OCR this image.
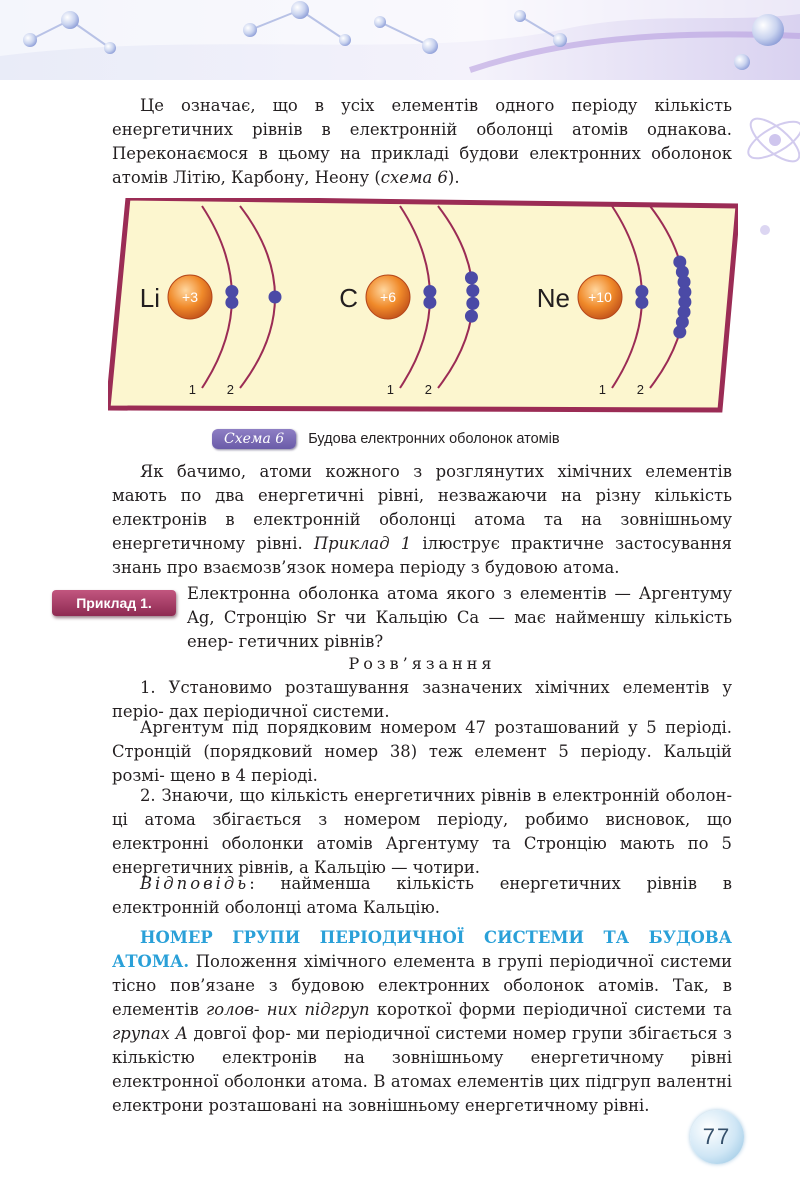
Це означає, що в усіх елементів одного періоду кількість енергетичних рівнів в електронній оболонці атомів однакова. Переконаємося в цьому на прикладі будови електронних оболонок атомів Літію, Карбону, Неону (схема 6).

Li +3
1 2
C +6
1 2
Ne +10
1 2
Схема 6	Будова електронних оболонок атомів

Як бачимо, атоми кожного з розглянутих хімічних елементів мають по два енергетичні рівні, незважаючи на різну кількість електронів в електронній оболонці атома та на зовнішньому енергетичному рівні. Приклад 1 ілюструє практичне застосування знань про взаємозв’язок номера періоду з будовою атома.

Приклад 1.	Електронна оболонка атома якого з елементів — Аргентуму Ag, Стронцію Sr чи Кальцію Ca — має найменшу кількість енер- гетичних рівнів?

Розв’язання

1. Установимо розташування зазначених хімічних елементів у періо- дах періодичної системи.

Аргентум під порядковим номером 47 розташований у 5 періоді. Стронцій (порядковий номер 38) теж елемент 5 періоду. Кальцій розмі- щено в 4 періоді.

2. Знаючи, що кількість енергетичних рівнів в електронній оболон- ці атома збігається з номером періоду, робимо висновок, що електронні оболонки атомів Аргентуму та Стронцію мають по 5 енергетичних рівнів, а Кальцію — чотири.

Відповідь: найменша кількість енергетичних рівнів в електронній оболонці атома Кальцію.

НОМЕР ГРУПИ ПЕРІОДИЧНОЇ СИСТЕМИ ТА БУДОВА АТОМА. Положення хімічного елемента в групі періодичної системи тісно пов’язане з будовою електронних оболонок атомів. Так, в елементів голов- них підгруп короткої форми періодичної системи та групах А довгої фор- ми періодичної системи номер групи збігається з кількістю електронів на зовнішньому енергетичному рівні електронної оболонки атома. В атомах елементів цих підгруп валентні електрони розташовані на зовнішньому енергетичному рівні.

77
